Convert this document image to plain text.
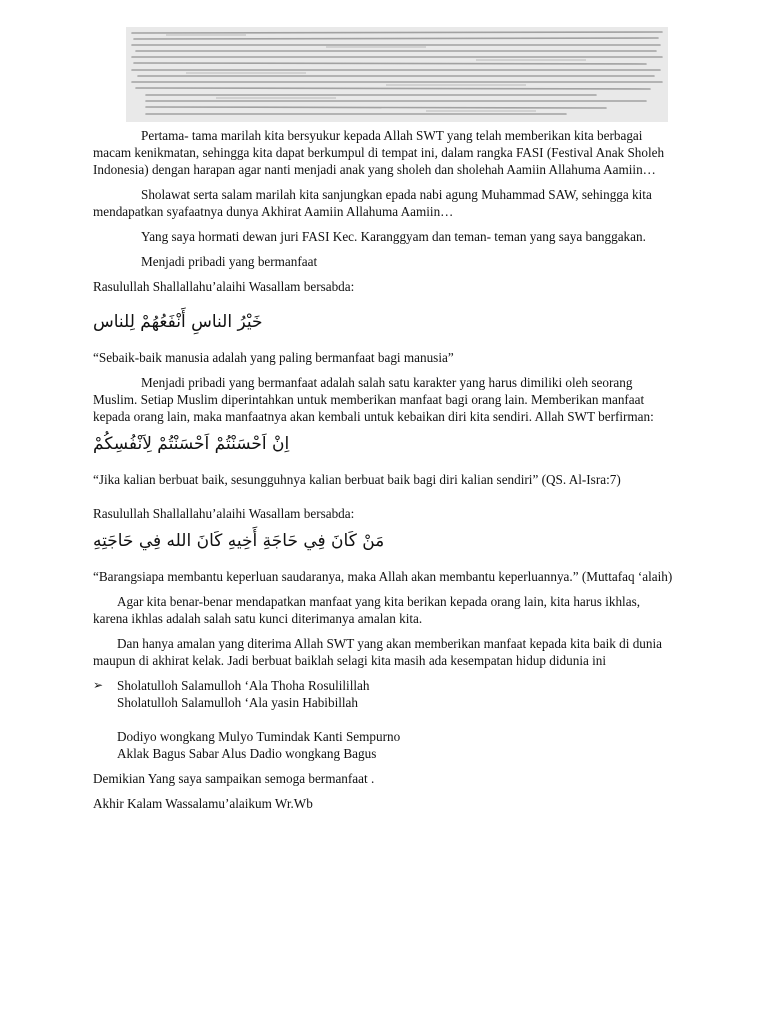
Pertama- tama marilah kita bersyukur kepada Allah SWT yang telah memberikan kita berbagai macam kenikmatan, sehingga kita dapat berkumpul di tempat ini, dalam rangka FASI (Festival Anak Sholeh Indonesia) dengan harapan agar nanti menjadi anak yang sholeh dan sholehah Aamiin Allahuma Aamiin…

Sholawat serta salam marilah kita sanjungkan epada nabi agung Muhammad SAW, sehingga kita mendapatkan syafaatnya dunya Akhirat Aamiin Allahuma Aamiin…

Yang saya hormati dewan juri FASI Kec. Karanggyam dan teman- teman yang saya banggakan.

Menjadi pribadi yang bermanfaat

Rasulullah Shallallahu’alaihi Wasallam bersabda:

خَيْرُ الناسِ أَنْفَعُهُمْ لِلناس

“Sebaik-baik manusia adalah yang paling bermanfaat bagi manusia”

Menjadi pribadi yang bermanfaat adalah salah satu karakter yang harus dimiliki oleh seorang Muslim. Setiap Muslim diperintahkan untuk memberikan manfaat bagi orang lain. Memberikan manfaat kepada orang lain, maka manfaatnya akan kembali untuk kebaikan diri kita sendiri. Allah SWT berfirman:

اِنْ اَحْسَنْتُمْ اَحْسَنْتُمْ لِاَنْفُسِكُمْ

“Jika kalian berbuat baik, sesungguhnya kalian berbuat baik bagi diri kalian sendiri” (QS. Al-Isra:7)

Rasulullah Shallallahu’alaihi Wasallam bersabda:

مَنْ كَانَ فِي حَاجَةِ أَخِيهِ كَانَ الله فِي حَاجَتِهِ

“Barangsiapa membantu keperluan saudaranya, maka Allah akan membantu keperluannya.” (Muttafaq ‘alaih)

Agar kita benar-benar mendapatkan manfaat yang kita berikan kepada orang lain, kita harus ikhlas, karena ikhlas adalah salah satu kunci diterimanya amalan kita.

Dan hanya amalan yang diterima Allah SWT yang akan memberikan manfaat kepada kita baik di dunia maupun di akhirat kelak. Jadi berbuat baiklah selagi kita masih ada kesempatan hidup didunia ini

➢ Sholatulloh Salamulloh ‘Ala Thoha Rosulilillah
Sholatulloh Salamulloh ‘Ala yasin Habibillah
Dodiyo wongkang Mulyo Tumindak Kanti Sempurno
Aklak Bagus Sabar Alus Dadio wongkang Bagus

Demikian Yang saya sampaikan semoga bermanfaat .

Akhir Kalam Wassalamu’alaikum Wr.Wb
